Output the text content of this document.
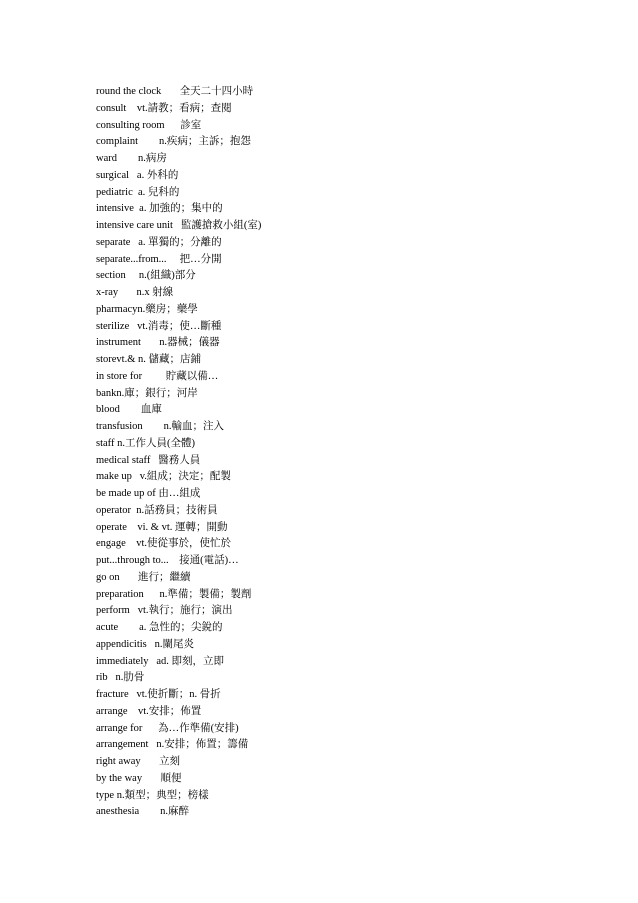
round the clock       全天二十四小時
consult    vt.請教；看病；查閱
consulting room      診室
complaint        n.疾病；主訴；抱怨
ward        n.病房
surgical   a. 外科的
pediatric  a. 兒科的
intensive  a. 加強的；集中的
intensive care unit   監護搶救小組(室)
separate   a. 單獨的；分離的
separate...from...     把…分開
section     n.(組織)部分
x-ray       n.x 射線
pharmacyn.藥房；藥學
sterilize   vt.消毒；使…斷種
instrument       n.器械；儀器
storevt.& n. 儲藏；店鋪
in store for         貯藏以備…
bankn.庫；銀行；河岸
blood        血庫
transfusion        n.輸血；注入
staff n.工作人員(全體)
medical staff   醫務人員
make up   v.組成；決定；配製
be made up of 由…組成
operator  n.話務員；技術員
operate    vi. & vt. 運轉；開動
engage    vt.使從事於，使忙於
put...through to...    接通(電話)…
go on       進行；繼續
preparation      n.準備；製備；製劑
perform   vt.執行；施行；演出
acute        a. 急性的；尖銳的
appendicitis   n.闌尾炎
immediately   ad. 即刻，立即
rib   n.肋骨
fracture   vt.使折斷；n. 骨折
arrange    vt.安排；佈置
arrange for      為…作準備(安排)
arrangement   n.安排；佈置；籌備
right away       立刻
by the way       順便
type n.類型；典型；榜樣
anesthesia        n.麻醉
